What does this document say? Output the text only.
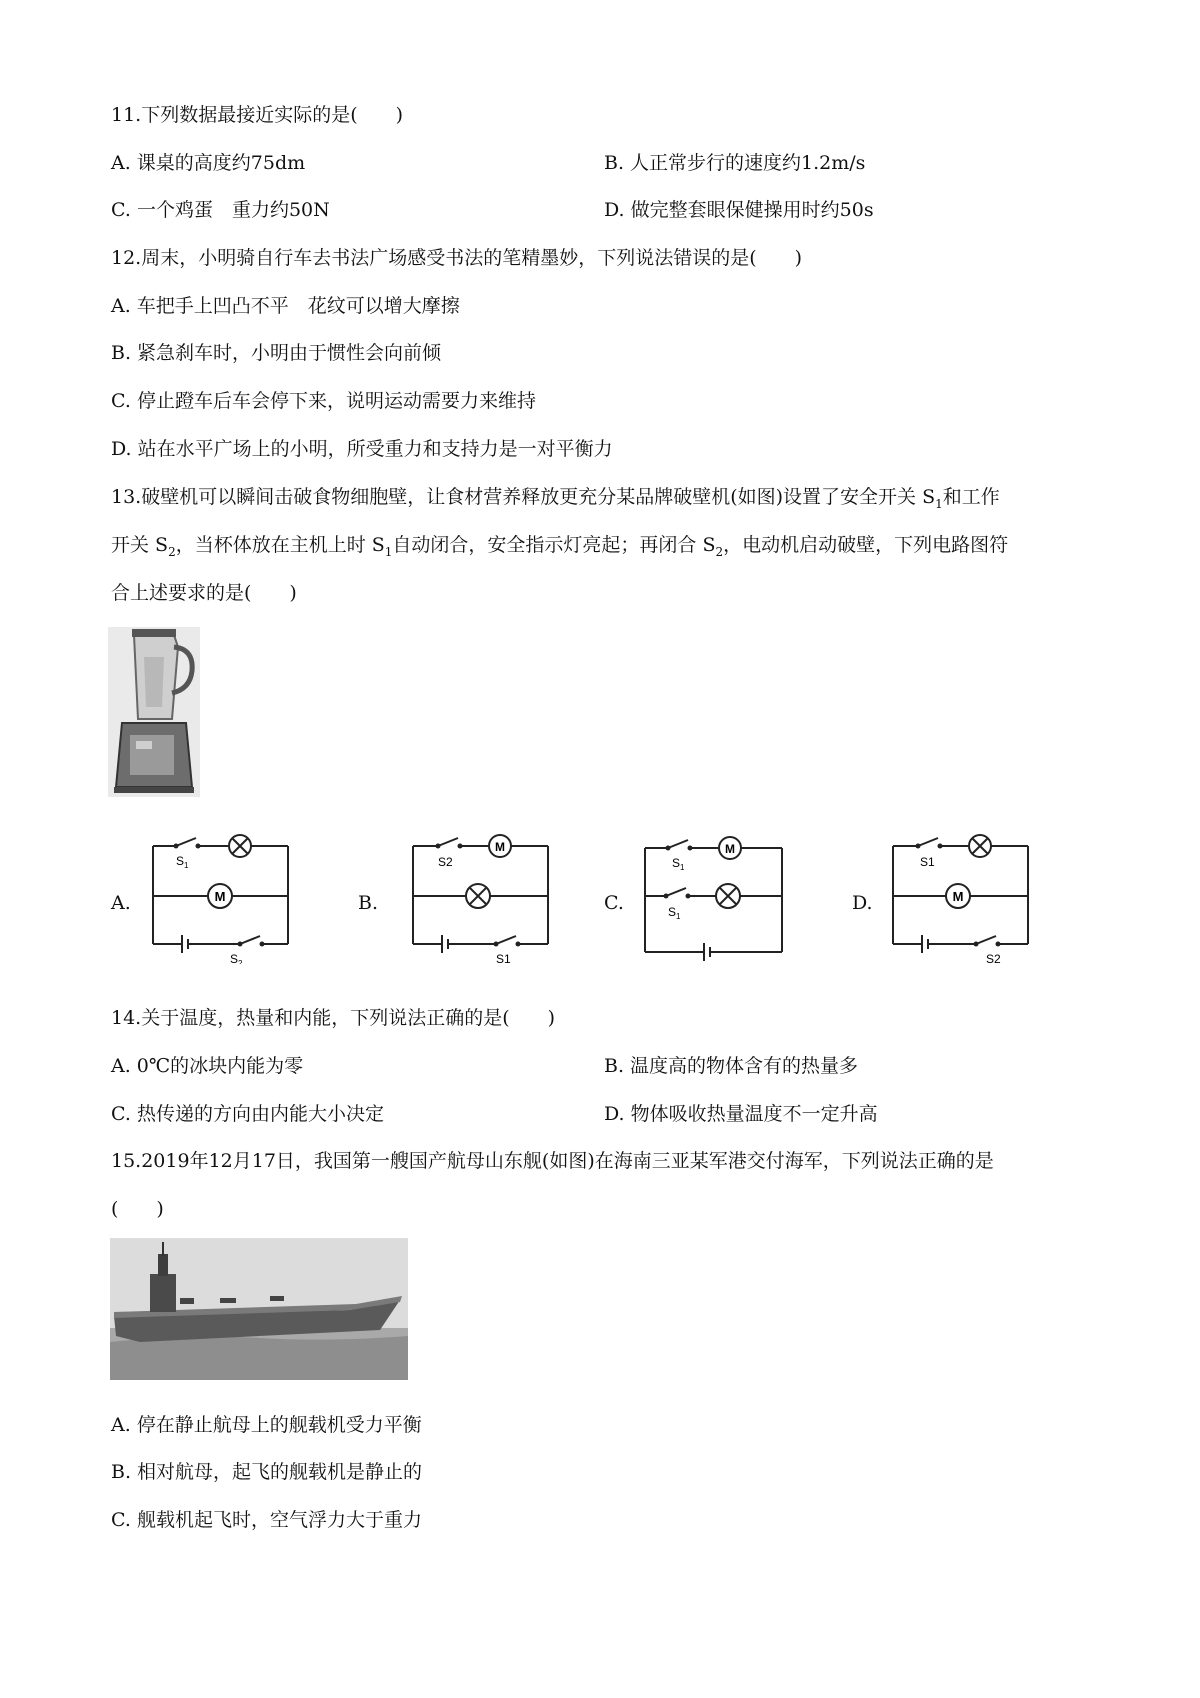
11.下列数据最接近实际的是(　　)
A. 课桌的高度约75dm	B. 人正常步行的速度约1.2m/s
C. 一个鸡蛋　重力约50N	D. 做完整套眼保健操用时约50s
12.周末，小明骑自行车去书法广场感受书法的笔精墨妙，下列说法错误的是(　　)
A. 车把手上凹凸不平　花纹可以增大摩擦
B. 紧急刹车时，小明由于惯性会向前倾
C. 停止蹬车后车会停下来，说明运动需要力来维持
D. 站在水平广场上的小明，所受重力和支持力是一对平衡力
13.破壁机可以瞬间击破食物细胞壁，让食材营养释放更充分某品牌破壁机(如图)设置了安全开关 $S_1$和工作
开关 $S_2$，当杯体放在主机上时 $S_1$自动闭合，安全指示灯亮起；再闭合 $S_2$，电动机启动破壁，下列电路图符
合上述要求的是(　　)
A.	B.	C.	D.
M
S 1
S 2
M
S2
S1
M
S 1
S 1
M
S1
S2
14.关于温度，热量和内能，下列说法正确的是(　　)
A. 0℃的冰块内能为零	B. 温度高的物体含有的热量多
C. 热传递的方向由内能大小决定	D. 物体吸收热量温度不一定升高
15.2019年12月17日，我国第一艘国产航母山东舰(如图)在海南三亚某军港交付海军，下列说法正确的是
(　　)
A. 停在静止航母上的舰载机受力平衡
B. 相对航母，起飞的舰载机是静止的
C. 舰载机起飞时，空气浮力大于重力
